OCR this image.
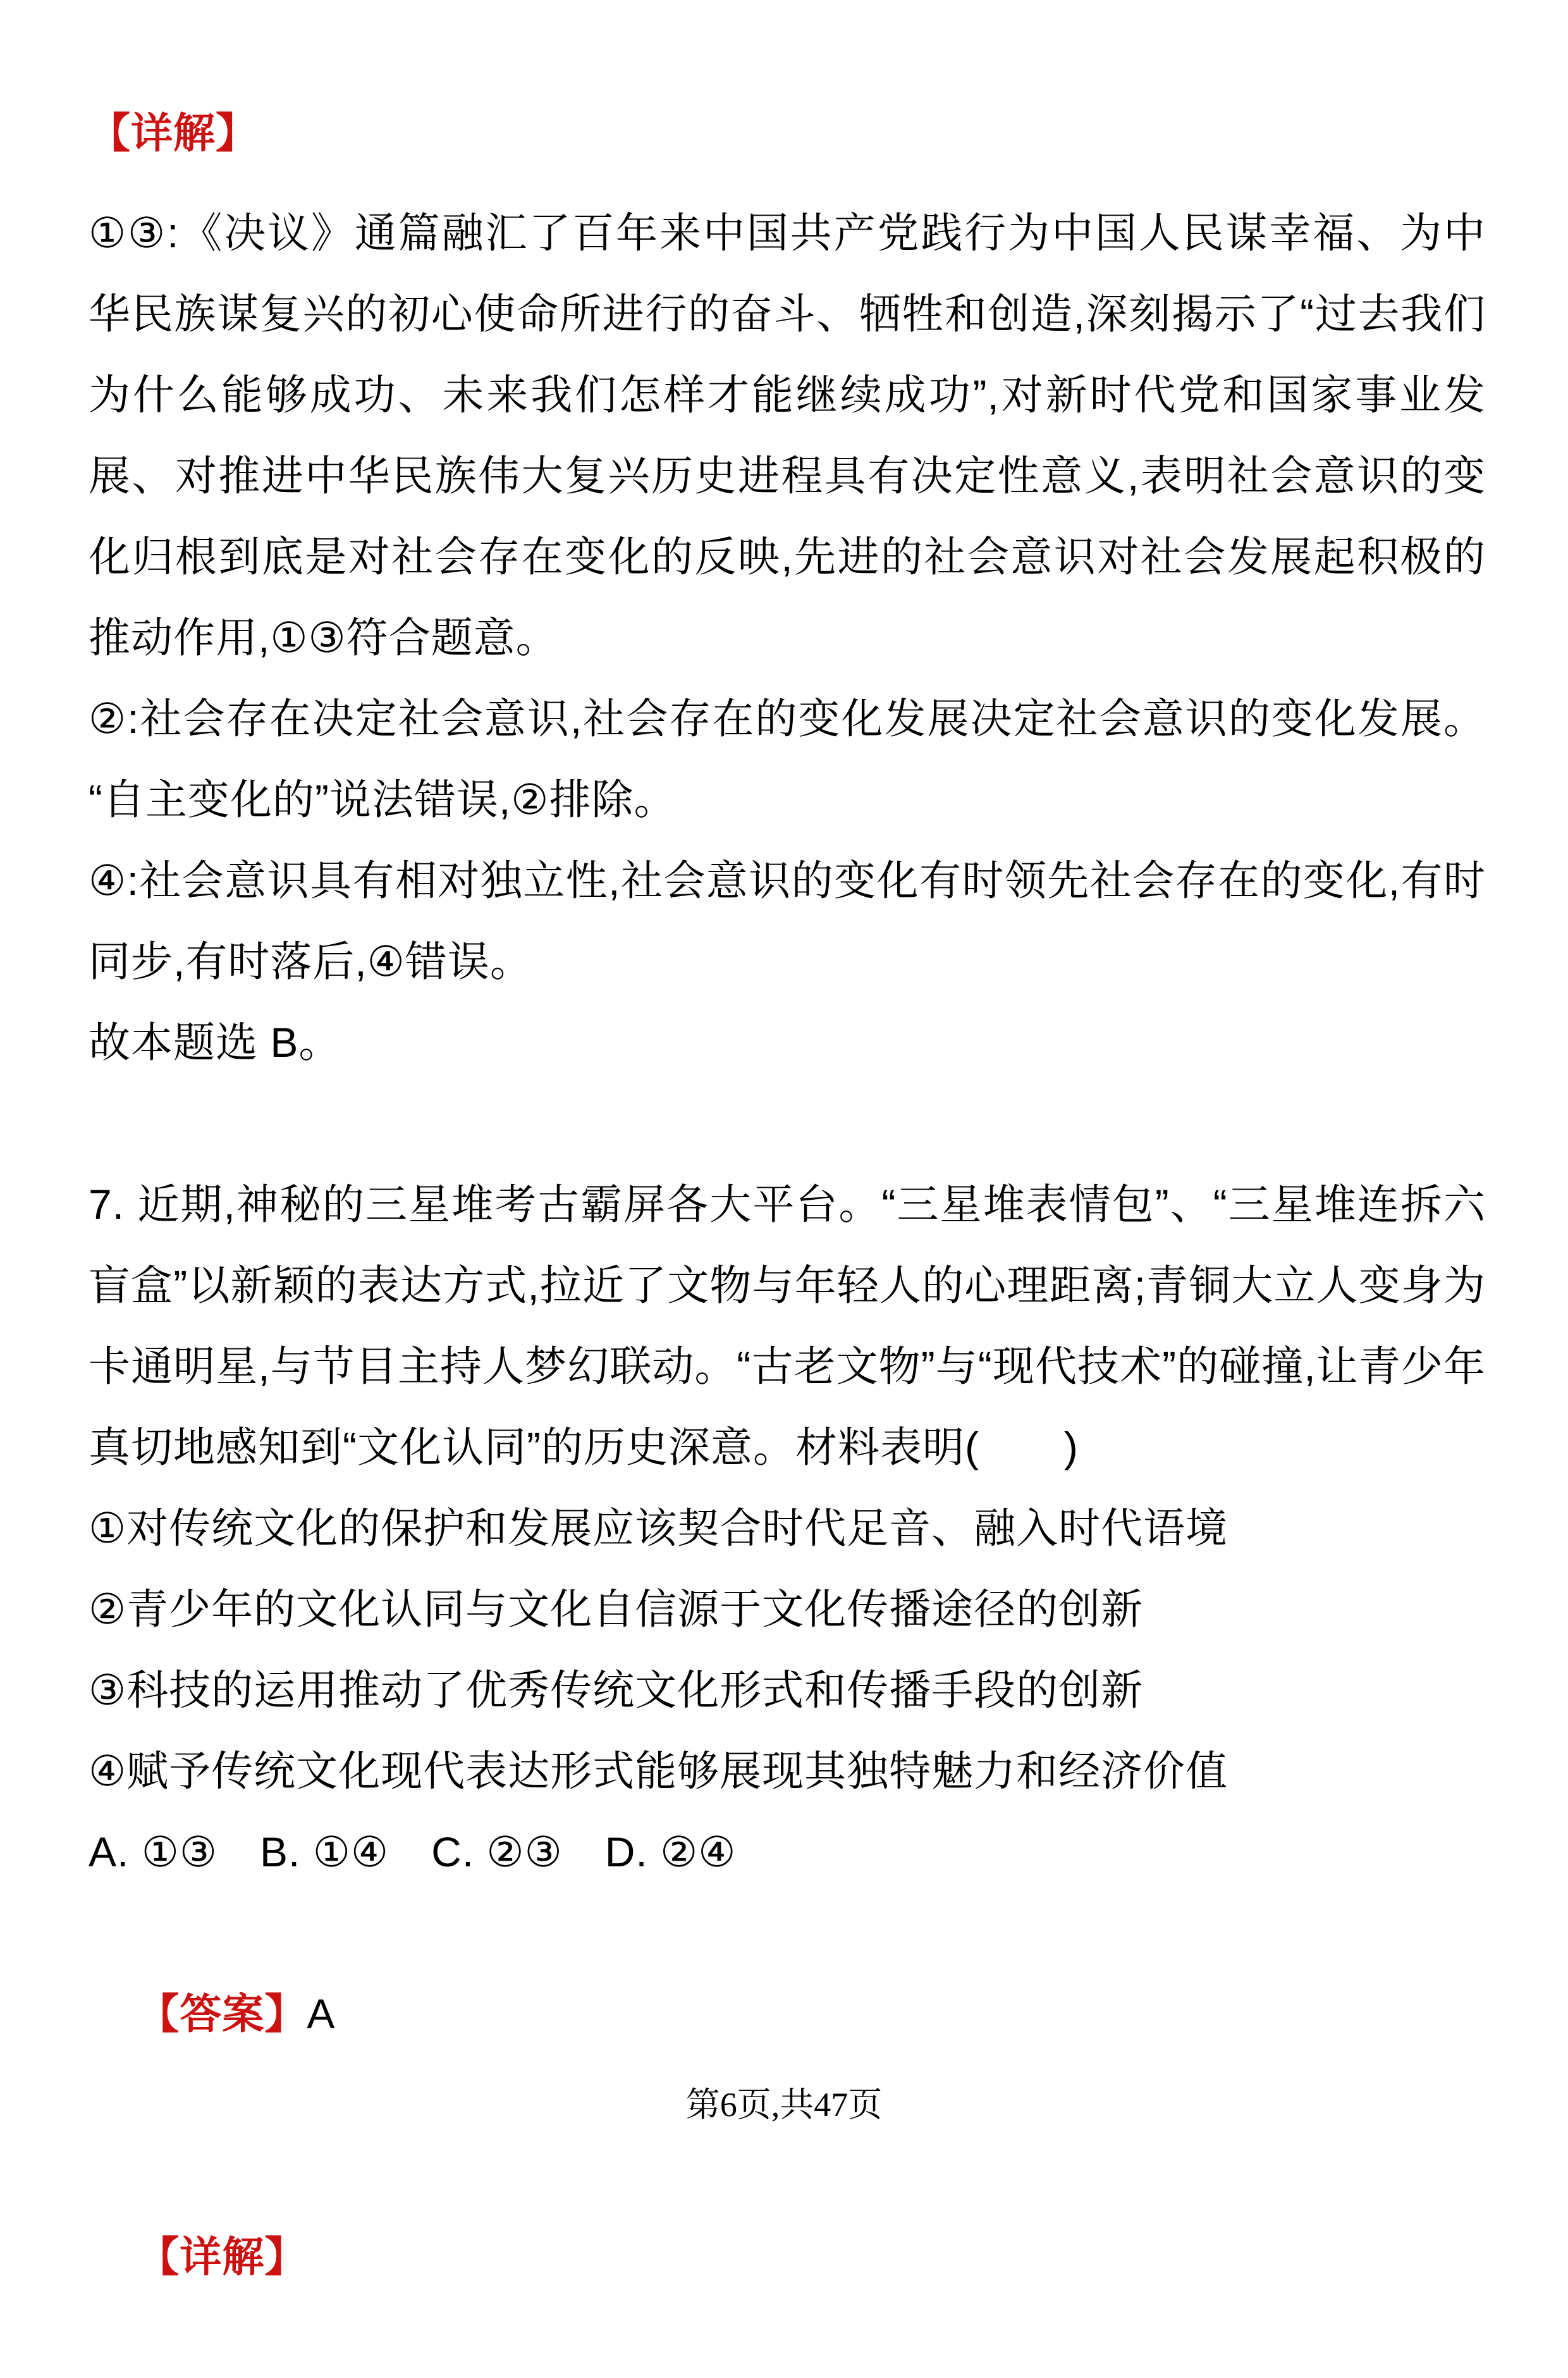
【详解】

①③:《决议》通篇融汇了百年来中国共产党践行为中国人民谋幸福、为中华民族谋复兴的初心使命所进行的奋斗、牺牲和创造,深刻揭示了“过去我们为什么能够成功、未来我们怎样才能继续成功”,对新时代党和国家事业发展、对推进中华民族伟大复兴历史进程具有决定性意义,表明社会意识的变化归根到底是对社会存在变化的反映,先进的社会意识对社会发展起积极的推动作用,①③符合题意。

②:社会存在决定社会意识,社会存在的变化发展决定社会意识的变化发展。“自主变化的”说法错误,②排除。

④:社会意识具有相对独立性,社会意识的变化有时领先社会存在的变化,有时同步,有时落后,④错误。

故本题选 B。

7. 近期,神秘的三星堆考古霸屏各大平台。“三星堆表情包”、“三星堆连拆六盲盒”以新颖的表达方式,拉近了文物与年轻人的心理距离;青铜大立人变身为卡通明星,与节目主持人梦幻联动。“古老文物”与“现代技术”的碰撞,让青少年真切地感知到“文化认同”的历史深意。材料表明(　　)

①对传统文化的保护和发展应该契合时代足音、融入时代语境

②青少年的文化认同与文化自信源于文化传播途径的创新

③科技的运用推动了优秀传统文化形式和传播手段的创新

④赋予传统文化现代表达形式能够展现其独特魅力和经济价值

A. ①③　B. ①④　C. ②③　D. ②④

【答案】A

【详解】

第6页,共47页
